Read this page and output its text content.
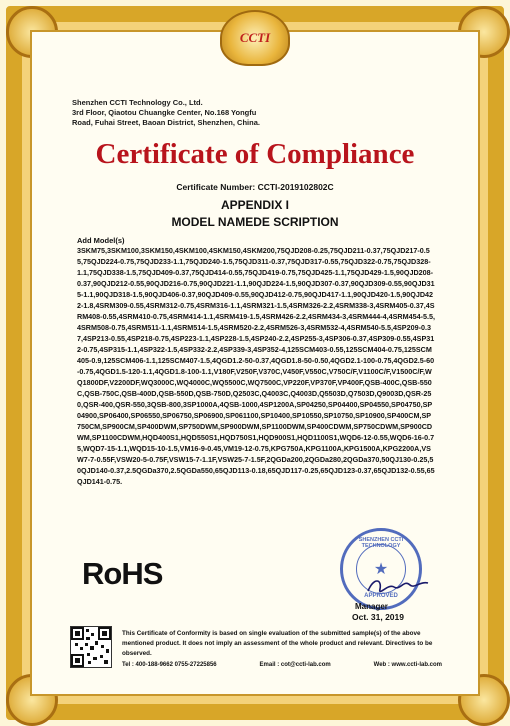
CCTI
Shenzhen CCTI Technology Co., Ltd.
3rd Floor, Qiaotou Chuangke Center, No.168 Yongfu
Road, Fuhai Street, Baoan District, Shenzhen, China.
Certificate of Compliance
Certificate Number: CCTI-2019102802C
APPENDIX I
MODEL NAMEDE SCRIPTION
Add Model(s)
3SKM75,3SKM100,3SKM150,4SKM100,4SKM150,4SKM200,75QJD208-0.25,75QJD211-0.37,75QJD217-0.55,75QJD224-0.75,75QJD233-1.1,75QJD240-1.5,75QJD311-0.37,75QJD317-0.55,75QJD322-0.75,75QJD328-1.1,75QJD338-1.5,75QJD409-0.37,75QJD414-0.55,75QJD419-0.75,75QJD425-1.1,75QJD429-1.5,90QJD208-0.37,90QJD212-0.55,90QJD216-0.75,90QJD221-1.1,90QJD224-1.5,90QJD307-0.37,90QJD309-0.55,90QJD315-1.1,90QJD318-1.5,90QJD406-0.37,90QJD409-0.55,90QJD412-0.75,90QJD417-1.1,90QJD420-1.5,90QJD422-1.8,4SRM309-0.55,4SRM312-0.75,4SRM316-1.1,4SRM321-1.5,4SRM326-2.2,4SRM338-3,4SRM405-0.37,4SRM408-0.55,4SRM410-0.75,4SRM414-1.1,4SRM419-1.5,4SRM426-2.2,4SRM434-3,4SRM444-4,4SRM454-5.5,4SRM508-0.75,4SRM511-1.1,4SRM514-1.5,4SRM520-2.2,4SRM526-3,4SRM532-4,4SRM540-5.5,4SP209-0.37,4SP213-0.55,4SP218-0.75,4SP223-1.1,4SP228-1.5,4SP240-2.2,4SP255-3,4SP306-0.37,4SP309-0.55,4SP312-0.75,4SP315-1.1,4SP322-1.5,4SP332-2.2,4SP339-3,4SP352-4,125SCM403-0.55,125SCM404-0.75,125SCM405-0.9,125SCM406-1.1,125SCM407-1.5,4QGD1.2-50-0.37,4QGD1.8-50-0.50,4QGD2.1-100-0.75,4QGD2.5-60-0.75,4QGD1.5-120-1.1,4QGD1.8-100-1.1,V180F,V250F,V370C,V450F,V550C,V750C/F,V1100C/F,V1500C/F,WQ1800DF,V2200DF,WQ3000C,WQ4000C,WQ5500C,WQ7500C,VP220F,VP370F,VP400F,QSB-400C,QSB-550C,QSB-750C,QSB-400D,QSB-550D,QSB-750D,Q2503C,Q4003C,Q4003D,Q5503D,Q7503D,Q9003D,QSR-250,QSR-400,QSR-550,3QSB-800,3SP1000A,4QSB-1000,4SP1200A,SP04250,SP04400,SP04550,SP04750,SP04900,SP06400,SP06550,SP06750,SP06900,SP061100,SP10400,SP10550,SP10750,SP10900,SP400CM,SP750CM,SP900CM,SP400DWM,SP750DWM,SP900DWM,SP1100DWM,SP400CDWM,SP750CDWM,SP900CDWM,SP1100CDWM,HQD400S1,HQD550S1,HQD750S1,HQD900S1,HQD1100S1,WQD6-12-0.55,WQD6-16-0.75,WQD7-15-1.1,WQD15-10-1.5,VM16-9-0.45,VM19-12-0.75,KPG750A,KPG1100A,KPG1500A,KPG2200A,VSW7-7-0.55F,VSW20-5-0.75F,VSW15-7-1.1F,VSW25-7-1.5F,2QGDa200,2QGDa280,2QGDa370,50QJ130-0.25,50QJD140-0.37,2.5QGDa370,2.5QGDa550,65QJD113-0.18,65QJD117-0.25,65QJD123-0.37,65QJD132-0.55,65QJD141-0.75.
RoHS
SHENZHEN CCTI TECHNOLOGY
★
APPROVED
Manager
Oct. 31, 2019
This Certificate of Conformity is based on single evaluation of the submitted sample(s) of the above mentioned product. It does not imply an assessment of the whole product and relevant. Directives to be observed.
Tel : 400-188-9662 0755-27225856	Email : cot@ccti-lab.com	Web : www.ccti-lab.com
